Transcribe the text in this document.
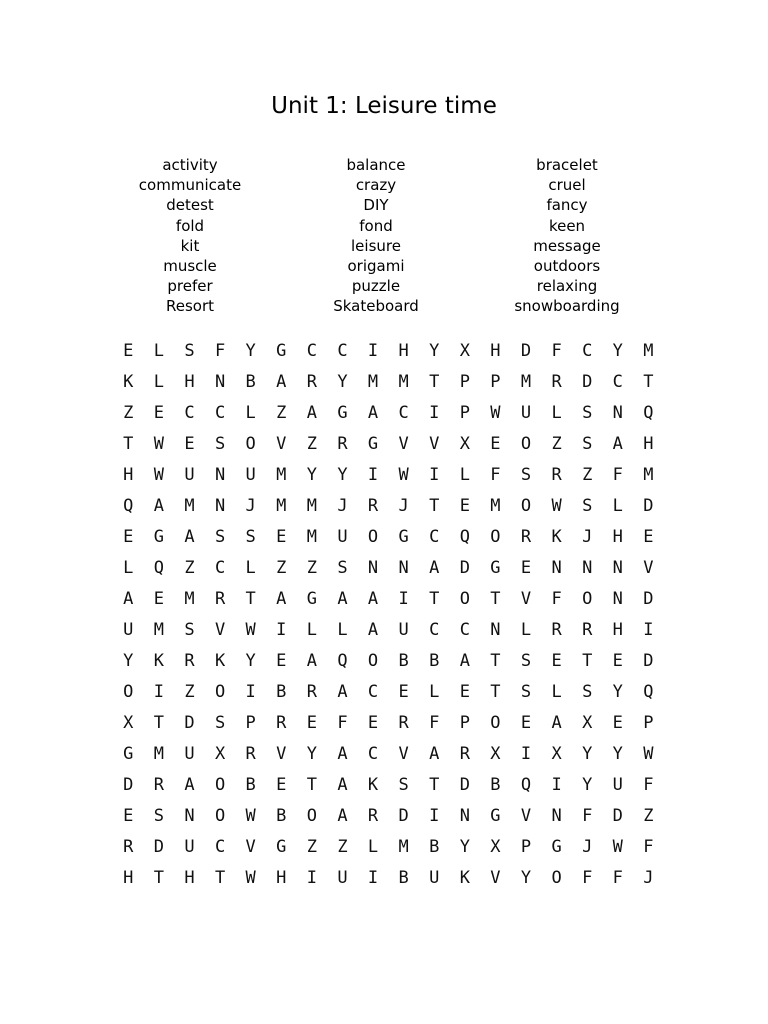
Unit 1: Leisure time
activity
communicate
detest
fold
kit
muscle
prefer
Resort
balance
crazy
DIY
fond
leisure
origami
puzzle
Skateboard
bracelet
cruel
fancy
keen
message
outdoors
relaxing
snowboarding
E	L	S	F	Y	G	C	C	I	H	Y	X	H	D	F	C	Y	M
K	L	H	N	B	A	R	Y	M	M	T	P	P	M	R	D	C	T
Z	E	C	C	L	Z	A	G	A	C	I	P	W	U	L	S	N	Q
T	W	E	S	O	V	Z	R	G	V	V	X	E	O	Z	S	A	H
H	W	U	N	U	M	Y	Y	I	W	I	L	F	S	R	Z	F	M
Q	A	M	N	J	M	M	J	R	J	T	E	M	O	W	S	L	D
E	G	A	S	S	E	M	U	O	G	C	Q	O	R	K	J	H	E
L	Q	Z	C	L	Z	Z	S	N	N	A	D	G	E	N	N	N	V
A	E	M	R	T	A	G	A	A	I	T	O	T	V	F	O	N	D
U	M	S	V	W	I	L	L	A	U	C	C	N	L	R	R	H	I
Y	K	R	K	Y	E	A	Q	O	B	B	A	T	S	E	T	E	D
O	I	Z	O	I	B	R	A	C	E	L	E	T	S	L	S	Y	Q
X	T	D	S	P	R	E	F	E	R	F	P	O	E	A	X	E	P
G	M	U	X	R	V	Y	A	C	V	A	R	X	I	X	Y	Y	W
D	R	A	O	B	E	T	A	K	S	T	D	B	Q	I	Y	U	F
E	S	N	O	W	B	O	A	R	D	I	N	G	V	N	F	D	Z
R	D	U	C	V	G	Z	Z	L	M	B	Y	X	P	G	J	W	F
H	T	H	T	W	H	I	U	I	B	U	K	V	Y	O	F	F	J
